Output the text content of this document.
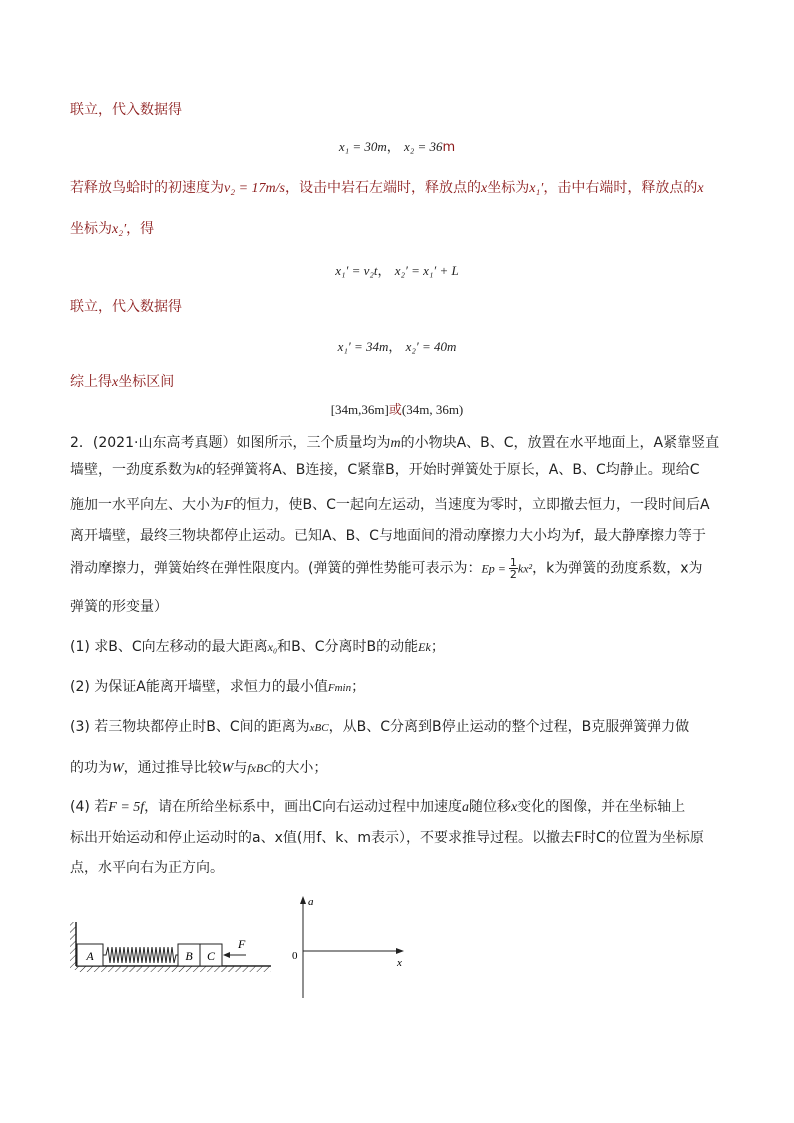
联立，代入数据得
x₁ = 30m， x₂ = 36m
若释放鸟蛤时的初速度为v₂ = 17m/s，设击中岩石左端时，释放点的x坐标为x₁′，击中右端时，释放点的x
坐标为x₂′，得
x₁′ = v₂t， x₂′ = x₁′ + L
联立，代入数据得
x₁′ = 34m， x₂′ = 40m
综上得x坐标区间
[34m,36m]或(34m, 36m)
2．(2021·山东高考真题）如图所示，三个质量均为m的小物块A、B、C，放置在水平地面上，A紧靠竖直
墙壁，一劲度系数为k的轻弹簧将A、B连接，C紧靠B，开始时弹簧处于原长，A、B、C均静止。现给C
施加一水平向左、大小为F的恒力，使B、C一起向左运动，当速度为零时，立即撤去恒力，一段时间后A
离开墙壁，最终三物块都停止运动。已知A、B、C与地面间的滑动摩擦力大小均为f，最大静摩擦力等于
滑动摩擦力，弹簧始终在弹性限度内。(弹簧的弹性势能可表示为：$Ep = \frac{1}{2} kx^2$，k为弹簧的劲度系数，x为
弹簧的形变量）
(1) 求B、C向左移动的最大距离x₀和B、C分离时B的动能Ek；
(2) 为保证A能离开墙壁，求恒力的最小值Fmin；
(3) 若三物块都停止时B、C间的距离为xBC，从B、C分离到B停止运动的整个过程，B克服弹簧弹力做
的功为W，通过推导比较W与fxBC的大小；
(4) 若F = 5f，请在所给坐标系中，画出C向右运动过程中加速度a随位移x变化的图像，并在坐标轴上
标出开始运动和停止运动时的a、x值(用f、k、m表示），不要求推导过程。以撤去F时C的位置为坐标原
点，水平向右为正方向。
A	B C
F
a
x
0
